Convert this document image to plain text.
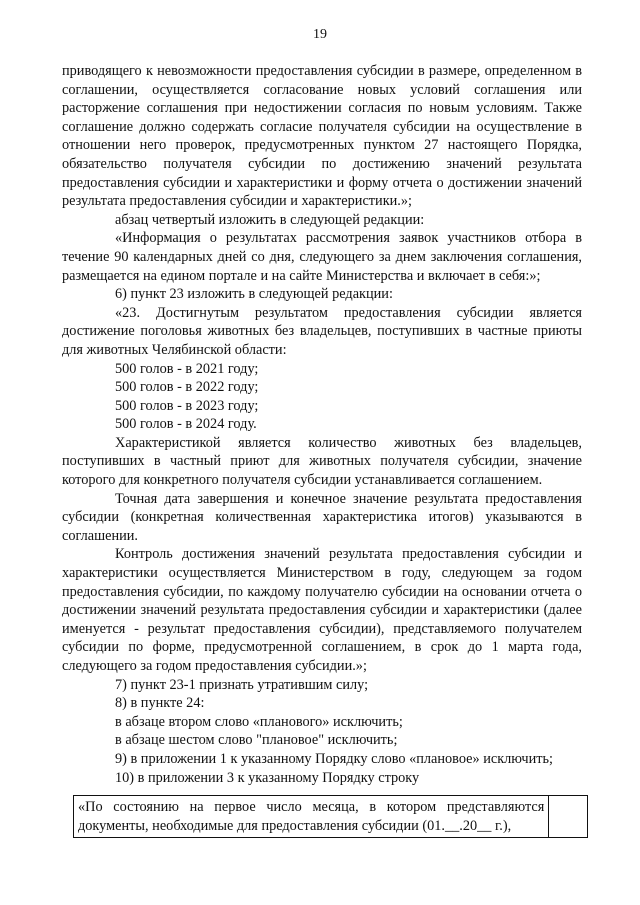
19

приводящего к невозможности предоставления субсидии в размере, определенном в соглашении, осуществляется согласование новых условий соглашения или расторжение соглашения при недостижении согласия по новым условиям. Также соглашение должно содержать согласие получателя субсидии на осуществление в отношении него проверок, предусмотренных пунктом 27 настоящего Порядка, обязательство получателя субсидии по достижению значений результата предоставления субсидии и характеристики и форму отчета о достижении значений результата предоставления субсидии и характеристики.»;

абзац четвертый изложить в следующей редакции:

«Информация о результатах рассмотрения заявок участников отбора в течение 90 календарных дней со дня, следующего за днем заключения соглашения, размещается на едином портале и на сайте Министерства и включает в себя:»;

6) пункт 23 изложить в следующей редакции:

«23. Достигнутым результатом предоставления субсидии является достижение поголовья животных без владельцев, поступивших в частные приюты для животных Челябинской области:

500 голов - в 2021 году;

500 голов - в 2022 году;

500 голов - в 2023 году;

500 голов - в 2024 году.

Характеристикой является количество животных без владельцев, поступивших в частный приют для животных получателя субсидии, значение которого для конкретного получателя субсидии устанавливается соглашением.

Точная дата завершения и конечное значение результата предоставления субсидии (конкретная количественная характеристика итогов) указываются в соглашении.

Контроль достижения значений результата предоставления субсидии и характеристики осуществляется Министерством в году, следующем за годом предоставления субсидии, по каждому получателю субсидии на основании отчета о достижении значений результата предоставления субсидии и характеристики (далее именуется - результат предоставления субсидии), представляемого получателем субсидии по форме, предусмотренной соглашением, в срок до 1 марта года, следующего за годом предоставления субсидии.»;

7) пункт 23-1 признать утратившим силу;

8) в пункте 24:

в абзаце втором слово «планового» исключить;

в абзаце шестом слово "плановое" исключить;

9) в приложении 1 к указанному Порядку слово «плановое» исключить;

10) в приложении 3 к указанному Порядку строку

«По состоянию на первое число месяца, в котором представляются документы, необходимые для предоставления субсидии (01.__.20__ г.),	
